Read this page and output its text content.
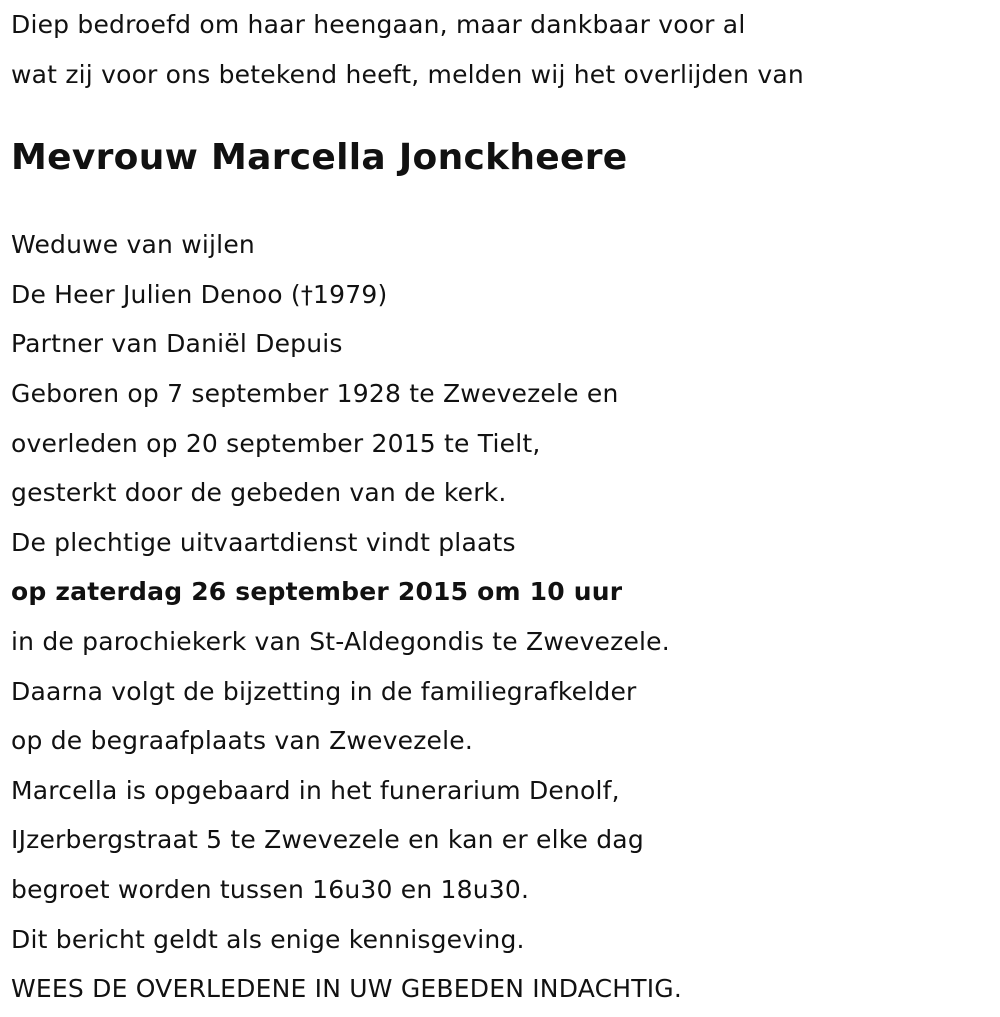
Diep bedroefd om haar heengaan, maar dankbaar voor al
wat zij voor ons betekend heeft, melden wij het overlijden van
Mevrouw Marcella Jonckheere
Weduwe van wijlen
De Heer Julien Denoo (†1979)
Partner van Daniël Depuis
Geboren op 7 september 1928 te Zwevezele en
overleden op 20 september 2015 te Tielt,
gesterkt door de gebeden van de kerk.
De plechtige uitvaartdienst vindt plaats
op zaterdag 26 september 2015 om 10 uur
in de parochiekerk van St-Aldegondis te Zwevezele.
Daarna volgt de bijzetting in de familiegrafkelder
op de begraafplaats van Zwevezele.
Marcella is opgebaard in het funerarium Denolf,
IJzerbergstraat 5 te Zwevezele en kan er elke dag
begroet worden tussen 16u30 en 18u30.
Dit bericht geldt als enige kennisgeving.
WEES DE OVERLEDENE IN UW GEBEDEN INDACHTIG.
